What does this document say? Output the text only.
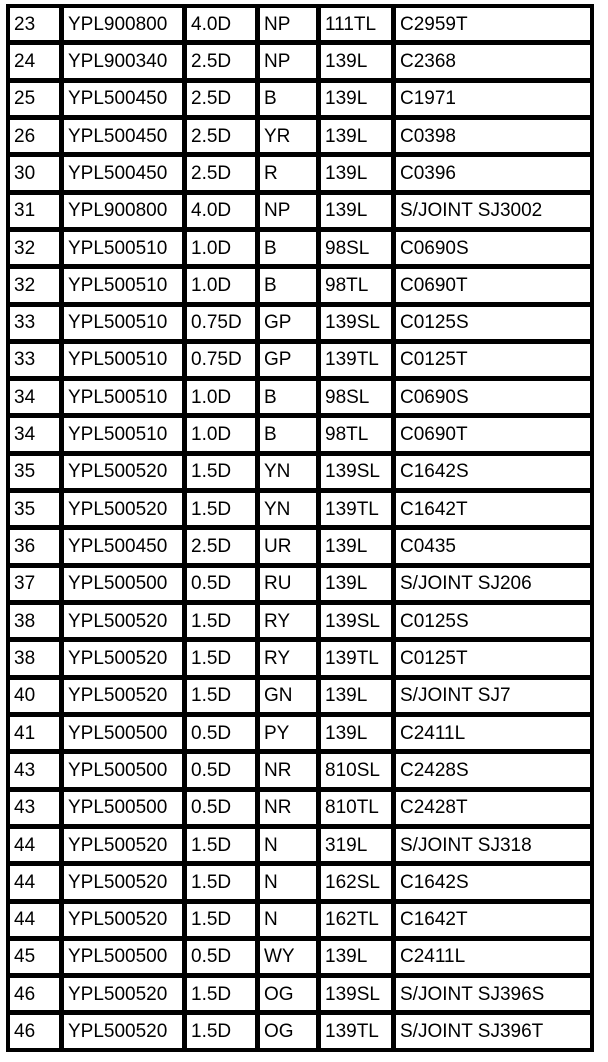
23	YPL900800	4.0D	NP	111TL	C2959T
24	YPL900340	2.5D	NP	139L	C2368
25	YPL500450	2.5D	B	139L	C1971
26	YPL500450	2.5D	YR	139L	C0398
30	YPL500450	2.5D	R	139L	C0396
31	YPL900800	4.0D	NP	139L	S/JOINT SJ3002
32	YPL500510	1.0D	B	98SL	C0690S
32	YPL500510	1.0D	B	98TL	C0690T
33	YPL500510	0.75D	GP	139SL	C0125S
33	YPL500510	0.75D	GP	139TL	C0125T
34	YPL500510	1.0D	B	98SL	C0690S
34	YPL500510	1.0D	B	98TL	C0690T
35	YPL500520	1.5D	YN	139SL	C1642S
35	YPL500520	1.5D	YN	139TL	C1642T
36	YPL500450	2.5D	UR	139L	C0435
37	YPL500500	0.5D	RU	139L	S/JOINT SJ206
38	YPL500520	1.5D	RY	139SL	C0125S
38	YPL500520	1.5D	RY	139TL	C0125T
40	YPL500520	1.5D	GN	139L	S/JOINT SJ7
41	YPL500500	0.5D	PY	139L	C2411L
43	YPL500500	0.5D	NR	810SL	C2428S
43	YPL500500	0.5D	NR	810TL	C2428T
44	YPL500520	1.5D	N	319L	S/JOINT SJ318
44	YPL500520	1.5D	N	162SL	C1642S
44	YPL500520	1.5D	N	162TL	C1642T
45	YPL500500	0.5D	WY	139L	C2411L
46	YPL500520	1.5D	OG	139SL	S/JOINT SJ396S
46	YPL500520	1.5D	OG	139TL	S/JOINT SJ396T
